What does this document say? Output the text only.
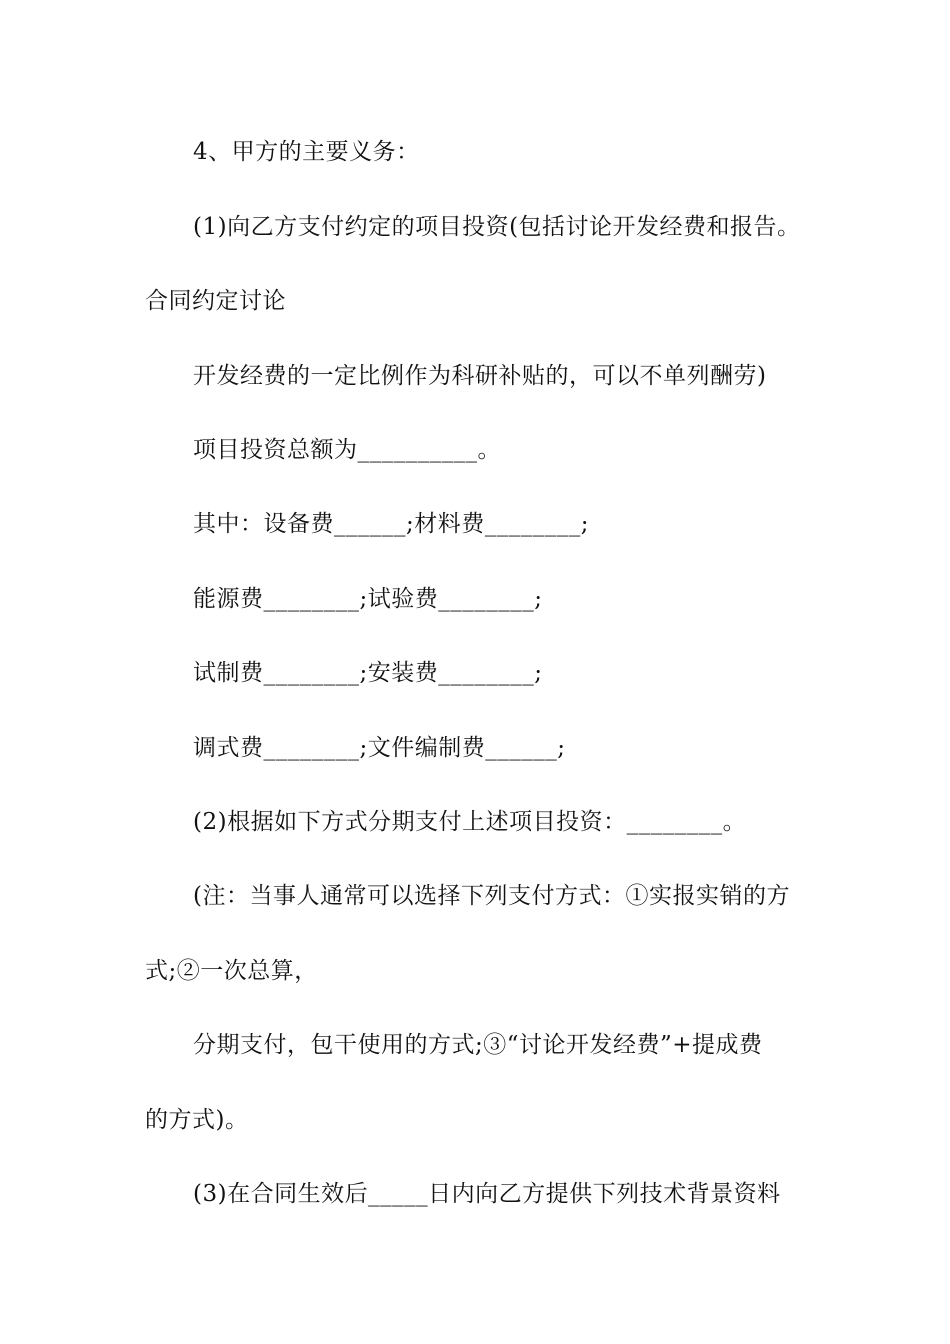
4、甲方的主要义务：
(1)向乙方支付约定的项目投资(包括讨论开发经费和报告。
合同约定讨论
开发经费的一定比例作为科研补贴的，可以不单列酬劳)
项目投资总额为__________。
其中：设备费______;材料费________;
能源费________;试验费________;
试制费________;安装费________;
调式费________;文件编制费______;
(2)根据如下方式分期支付上述项目投资：________。
(注：当事人通常可以选择下列支付方式：①实报实销的方
式;②一次总算，
分期支付，包干使用的方式;③“讨论开发经费”+提成费
的方式)。
(3)在合同生效后_____日内向乙方提供下列技术背景资料
